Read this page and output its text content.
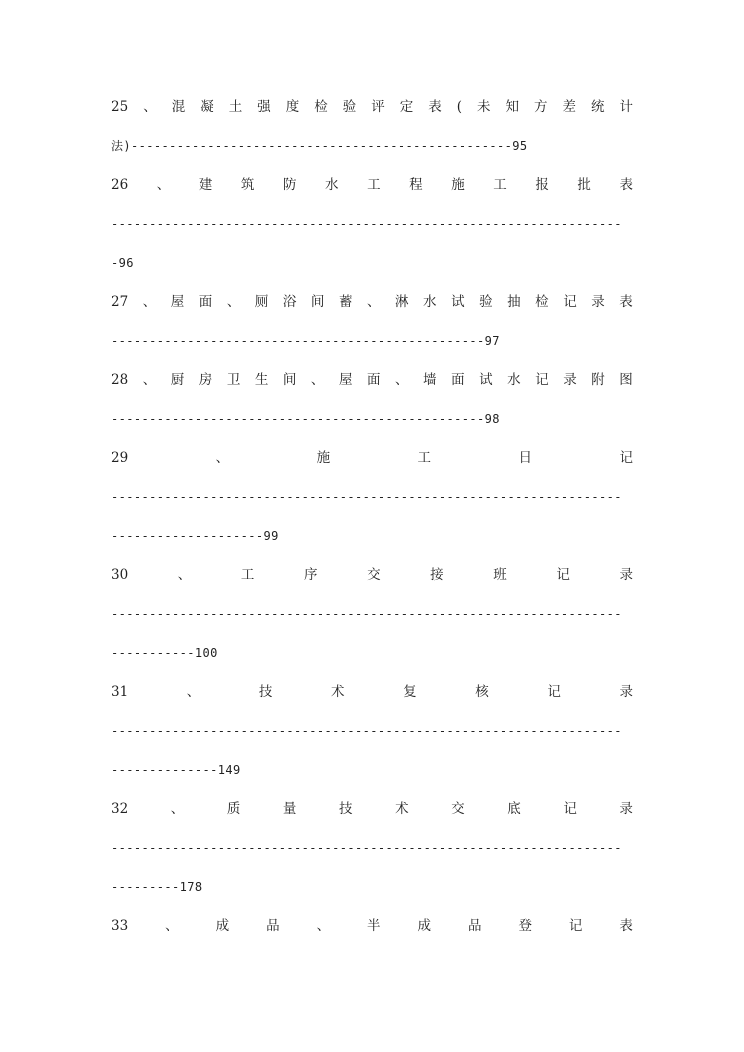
25 、 混 凝 土 强 度 检 验 评 定 表 ( 未 知 方 差 统 计
法)--------------------------------------------------95
26 、 建 筑 防 水 工 程 施 工 报 批 表
-------------------------------------------------------------------
-96
27 、 屋 面 、 厕 浴 间 蓄 、 淋 水 试 验 抽 检 记 录 表
-------------------------------------------------97
28 、 厨 房 卫 生 间 、 屋 面 、 墙 面 试 水 记 录 附 图
-------------------------------------------------98
29	、	施	工	日	记
-------------------------------------------------------------------
--------------------99
30	、	工	序	交	接	班	记	录
-------------------------------------------------------------------
-----------100
31	、	技	术	复	核	记	录
-------------------------------------------------------------------
--------------149
32	、	质	量	技	术	交	底	记	录
-------------------------------------------------------------------
---------178
33	、	成	品	、	半	成	品	登	记	表
